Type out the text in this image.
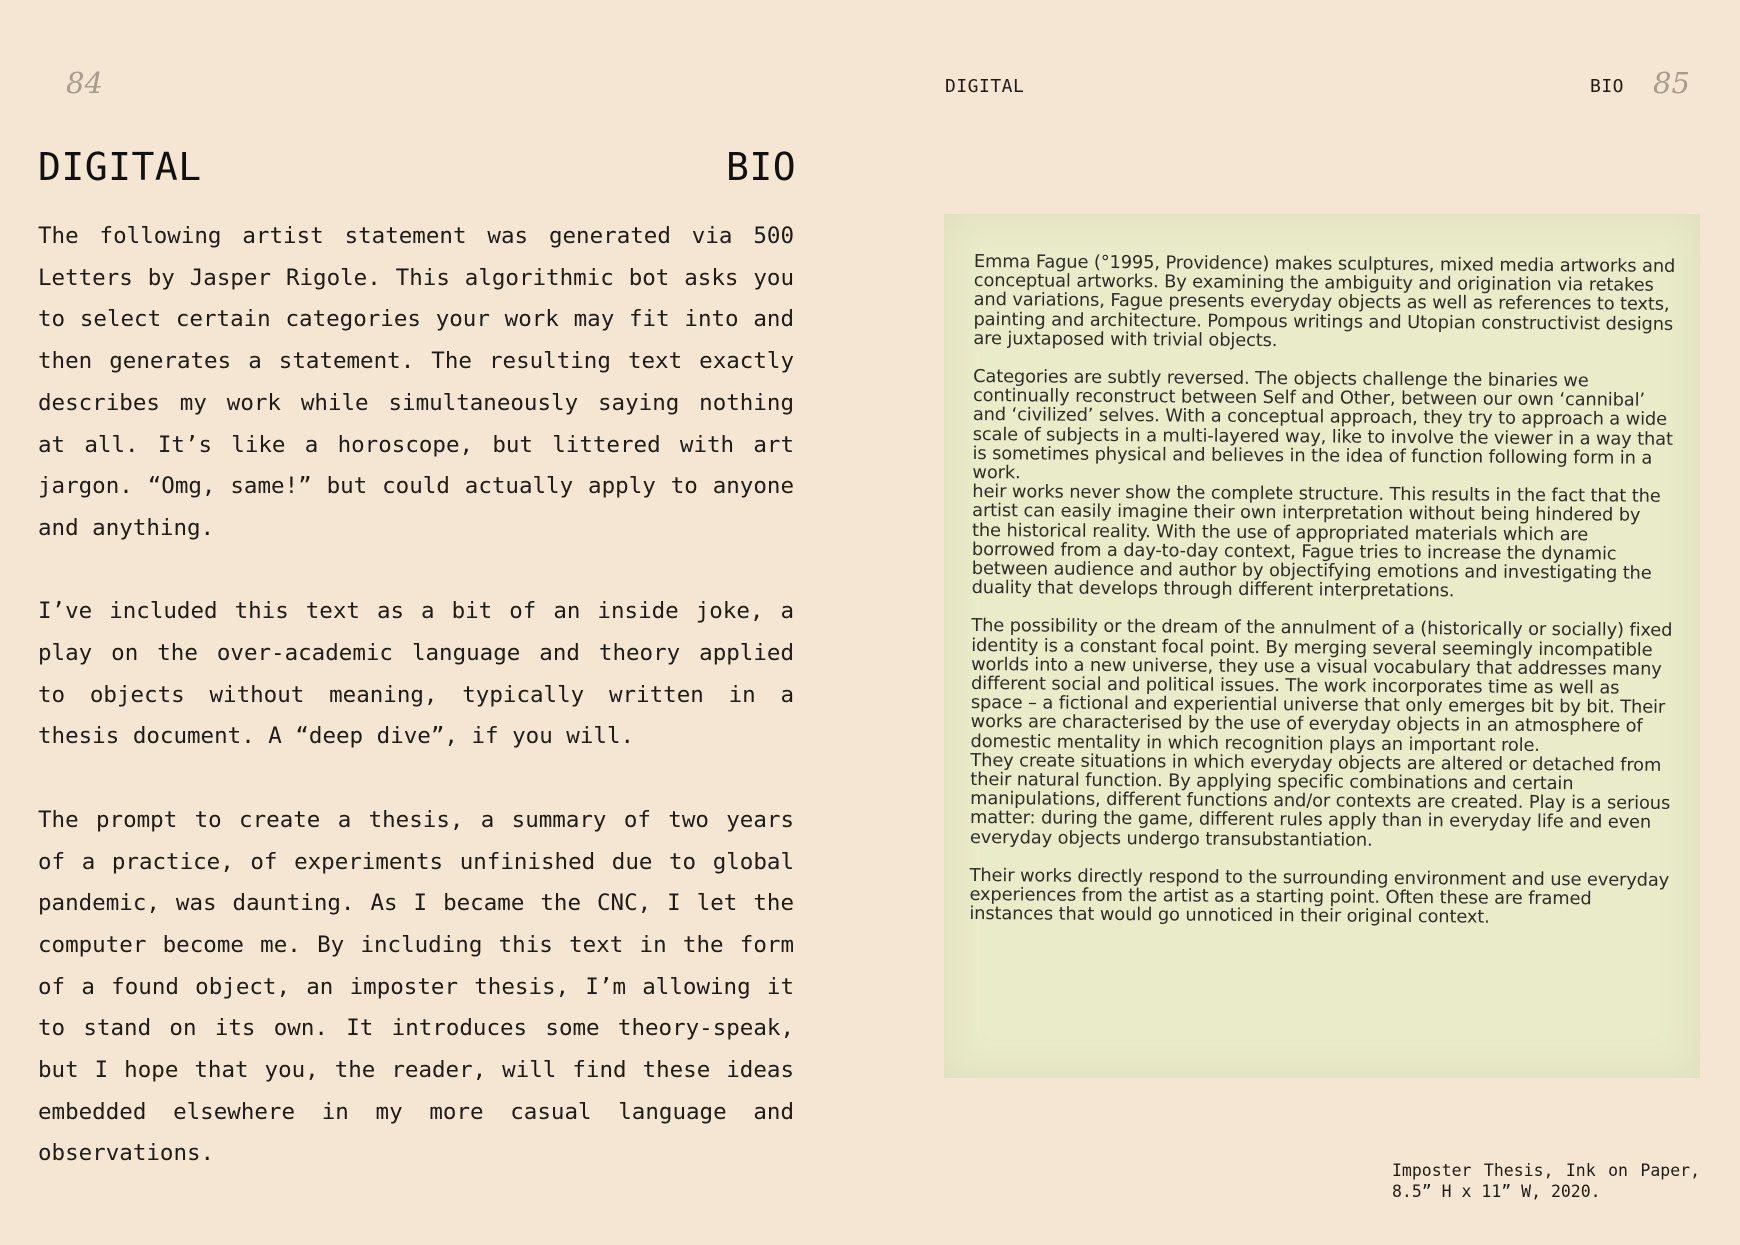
84
DIGITAL	BIO

The following artist statement was generated via 500 Letters by Jasper Rigole. This algorithmic bot asks you to select certain categories your work may fit into and then generates a statement. The resulting text exactly describes my work while simultaneously saying nothing at all. It’s like a horoscope, but littered with art jargon. “Omg, same!” but could actually apply to anyone and anything.

I’ve included this text as a bit of an inside joke, a play on the over-academic language and theory applied to objects without meaning, typically written in a thesis document. A “deep dive”, if you will.

The prompt to create a thesis, a summary of two years of a practice, of experiments unfinished due to global pandemic, was daunting. As I became the CNC, I let the computer become me. By including this text in the form of a found object, an imposter thesis, I’m allowing it to stand on its own. It introduces some theory-speak, but I hope that you, the reader, will find these ideas embedded elsewhere in my more casual language and observations.

DIGITAL	BIO 85

Emma Fague (°1995, Providence) makes sculptures, mixed media artworks and conceptual artworks. By examining the ambiguity and origination via retakes and variations, Fague presents everyday objects as well as references to texts, painting and architecture. Pompous writings and Utopian constructivist designs are juxtaposed with trivial objects.

Categories are subtly reversed. The objects challenge the binaries we continually reconstruct between Self and Other, between our own ‘cannibal’ and ‘civilized’ selves. With a conceptual approach, they try to approach a wide scale of subjects in a multi-layered way, like to involve the viewer in a way that is sometimes physical and believes in the idea of function following form in a work.

heir works never show the complete structure. This results in the fact that the artist can easily imagine their own interpretation without being hindered by the historical reality. With the use of appropriated materials which are borrowed from a day-to-day context, Fague tries to increase the dynamic between audience and author by objectifying emotions and investigating the duality that develops through different interpretations.

The possibility or the dream of the annulment of a (historically or socially) fixed identity is a constant focal point. By merging several seemingly incompatible worlds into a new universe, they use a visual vocabulary that addresses many different social and political issues. The work incorporates time as well as space – a fictional and experiential universe that only emerges bit by bit. Their works are characterised by the use of everyday objects in an atmosphere of domestic mentality in which recognition plays an important role.

They create situations in which everyday objects are altered or detached from their natural function. By applying specific combinations and certain manipulations, different functions and/or contexts are created. Play is a serious matter: during the game, different rules apply than in everyday life and even everyday objects undergo transubstantiation.

Their works directly respond to the surrounding environment and use everyday experiences from the artist as a starting point. Often these are framed instances that would go unnoticed in their original context.

Imposter Thesis, Ink on Paper, 8.5” H x 11” W, 2020.
